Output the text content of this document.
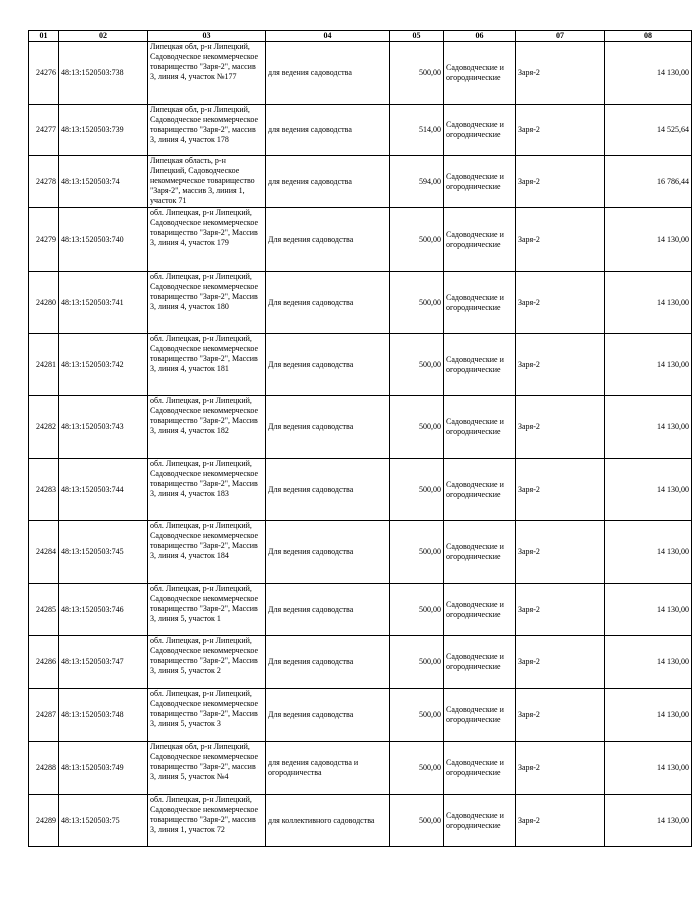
01	02	03	04	05	06	07	08
24276	48:13:1520503:738	Липецкая обл, р-н Липецкий, Садоводческое некоммерческое товарищество "Заря-2", массив 3, линия 4, участок №177	для ведения садоводства	500,00	Садоводческие и огороднические	Заря-2	14 130,00
24277	48:13:1520503:739	Липецкая обл, р-н Липецкий, Садоводческое некоммерческое товарищество "Заря-2", массив 3, линия 4, участок 178	для ведения садоводства	514,00	Садоводческие и огороднические	Заря-2	14 525,64
24278	48:13:1520503:74	Липецкая область, р-н Липецкий, Садоводческое некоммерческое товарищество "Заря-2", массив 3, линия 1, участок 71	для ведения садоводства	594,00	Садоводческие и огороднические	Заря-2	16 786,44
24279	48:13:1520503:740	обл. Липецкая, р-н Липецкий, Садоводческое некоммерческое товарищество "Заря-2", Массив 3, линия 4, участок 179	Для ведения садоводства	500,00	Садоводческие и огороднические	Заря-2	14 130,00
24280	48:13:1520503:741	обл. Липецкая, р-н Липецкий, Садоводческое некоммерческое товарищество "Заря-2", Массив 3, линия 4, участок 180	Для ведения садоводства	500,00	Садоводческие и огороднические	Заря-2	14 130,00
24281	48:13:1520503:742	обл. Липецкая, р-н Липецкий, Садоводческое некоммерческое товарищество "Заря-2", Массив 3, линия 4, участок 181	Для ведения садоводства	500,00	Садоводческие и огороднические	Заря-2	14 130,00
24282	48:13:1520503:743	обл. Липецкая, р-н Липецкий, Садоводческое некоммерческое товарищество "Заря-2", Массив 3, линия 4, участок 182	Для ведения садоводства	500,00	Садоводческие и огороднические	Заря-2	14 130,00
24283	48:13:1520503:744	обл. Липецкая, р-н Липецкий, Садоводческое некоммерческое товарищество "Заря-2", Массив 3, линия 4, участок 183	Для ведения садоводства	500,00	Садоводческие и огороднические	Заря-2	14 130,00
24284	48:13:1520503:745	обл. Липецкая, р-н Липецкий, Садоводческое некоммерческое товарищество "Заря-2", Массив 3, линия 4, участок 184	Для ведения садоводства	500,00	Садоводческие и огороднические	Заря-2	14 130,00
24285	48:13:1520503:746	обл. Липецкая, р-н Липецкий, Садоводческое некоммерческое товарищество "Заря-2", Массив 3, линия 5, участок 1	Для ведения садоводства	500,00	Садоводческие и огороднические	Заря-2	14 130,00
24286	48:13:1520503:747	обл. Липецкая, р-н Липецкий, Садоводческое некоммерческое товарищество "Заря-2", Массив 3, линия 5, участок 2	Для ведения садоводства	500,00	Садоводческие и огороднические	Заря-2	14 130,00
24287	48:13:1520503:748	обл. Липецкая, р-н Липецкий, Садоводческое некоммерческое товарищество "Заря-2", Массив 3, линия 5, участок 3	Для ведения садоводства	500,00	Садоводческие и огороднические	Заря-2	14 130,00
24288	48:13:1520503:749	Липецкая обл, р-н Липецкий, Садоводческое некоммерческое товарищество "Заря-2", массив 3, линия 5, участок №4	для ведения садоводства и огородничества	500,00	Садоводческие и огороднические	Заря-2	14 130,00
24289	48:13:1520503:75	обл. Липецкая, р-н Липецкий, Садоводческое некоммерческое товарищество "Заря-2", массив 3, линия 1, участок 72	для коллективного садоводства	500,00	Садоводческие и огороднические	Заря-2	14 130,00
